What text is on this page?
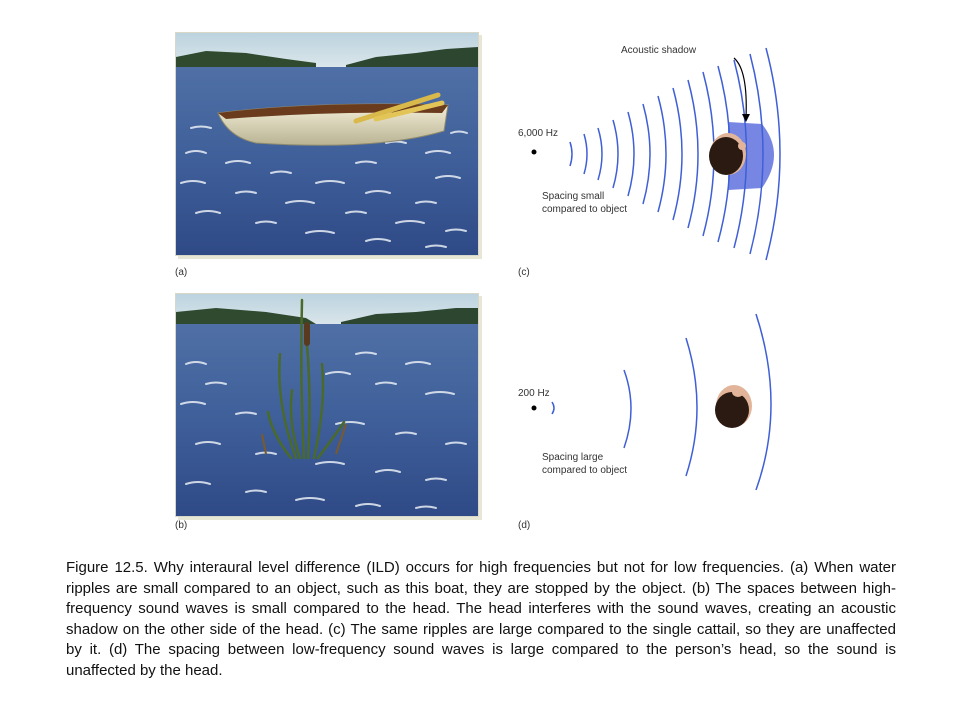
(a)
(b)
Acoustic shadow
6,000 Hz
Spacing small
compared to object
(c)
200 Hz
Spacing large
compared to object
(d)
Figure 12.5. Why interaural level difference (ILD) occurs for high frequencies but not for low frequencies. (a) When water ripples are small compared to an object, such as this boat, they are stopped by the object. (b) The spaces between high-frequency sound waves is small compared to the head. The head interferes with the sound waves, creating an acoustic shadow on the other side of the head. (c) The same ripples are large compared to the single cattail, so they are unaffected by it. (d) The spacing between low-frequency sound waves is large compared to the person’s head, so the sound is unaffected by the head.
